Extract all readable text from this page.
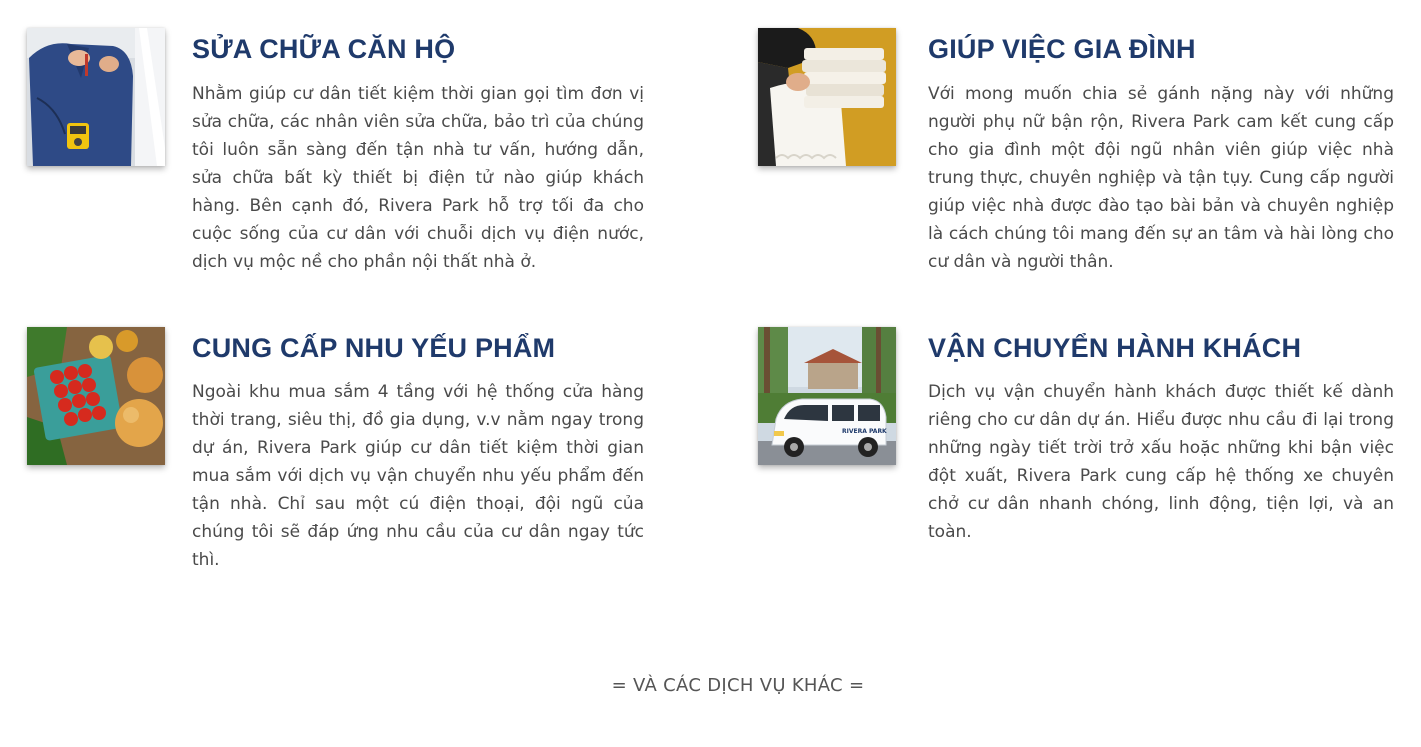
SỬA CHỮA CĂN HỘ

Nhằm giúp cư dân tiết kiệm thời gian gọi tìm đơn vị sửa chữa, các nhân viên sửa chữa, bảo trì của chúng tôi luôn sẵn sàng đến tận nhà tư vấn, hướng dẫn, sửa chữa bất kỳ thiết bị điện tử nào giúp khách hàng. Bên cạnh đó, Rivera Park hỗ trợ tối đa cho cuộc sống của cư dân với chuỗi dịch vụ điện nước, dịch vụ mộc nề cho phần nội thất nhà ở.

GIÚP VIỆC GIA ĐÌNH

Với mong muốn chia sẻ gánh nặng này với những người phụ nữ bận rộn, Rivera Park cam kết cung cấp cho gia đình một đội ngũ nhân viên giúp việc nhà trung thực, chuyên nghiệp và tận tụy. Cung cấp người giúp việc nhà được đào tạo bài bản và chuyên nghiệp là cách chúng tôi mang đến sự an tâm và hài lòng cho cư dân và người thân.

CUNG CẤP NHU YẾU PHẨM

Ngoài khu mua sắm 4 tầng với hệ thống cửa hàng thời trang, siêu thị, đồ gia dụng, v.v nằm ngay trong dự án, Rivera Park giúp cư dân tiết kiệm thời gian mua sắm với dịch vụ vận chuyển nhu yếu phẩm đến tận nhà. Chỉ sau một cú điện thoại, đội ngũ của chúng tôi sẽ đáp ứng nhu cầu của cư dân ngay tức thì.

RIVERA PARK
VẬN CHUYỂN HÀNH KHÁCH

Dịch vụ vận chuyển hành khách được thiết kế dành riêng cho cư dân dự án. Hiểu được nhu cầu đi lại trong những ngày tiết trời trở xấu hoặc những khi bận việc đột xuất, Rivera Park cung cấp hệ thống xe chuyên chở cư dân nhanh chóng, linh động, tiện lợi, và an toàn.

= VÀ CÁC DỊCH VỤ KHÁC =
